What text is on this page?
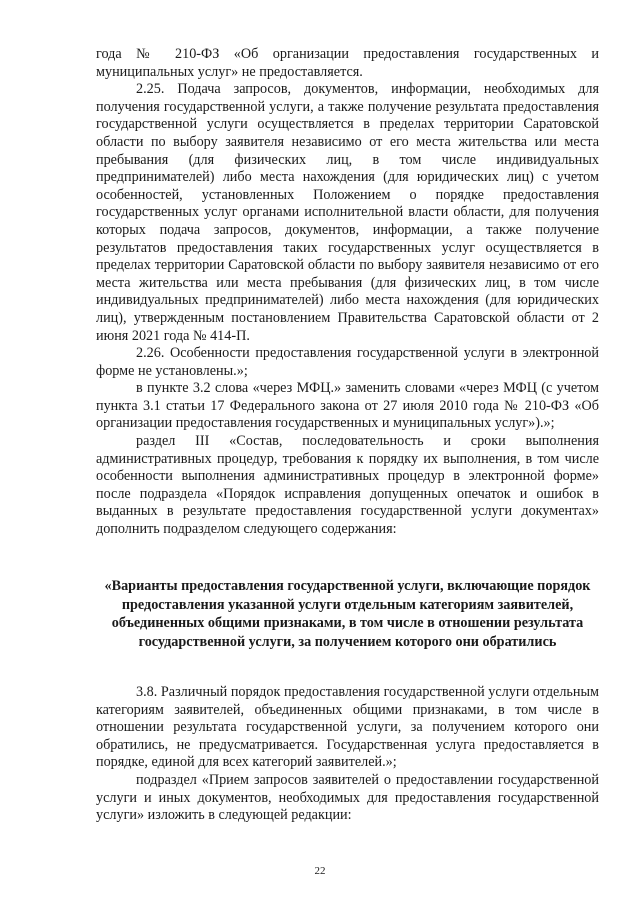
года № 210-ФЗ «Об организации предоставления государственных и муниципальных услуг» не предоставляется.

2.25. Подача запросов, документов, информации, необходимых для получения государственной услуги, а также получение результата предоставления государственной услуги осуществляется в пределах территории Саратовской области по выбору заявителя независимо от его места жительства или места пребывания (для физических лиц, в том числе индивидуальных предпринимателей) либо места нахождения (для юридических лиц) с учетом особенностей, установленных Положением о порядке предоставления государственных услуг органами исполнительной власти области, для получения которых подача запросов, документов, информации, а также получение результатов предоставления таких государственных услуг осуществляется в пределах территории Саратовской области по выбору заявителя независимо от его места жительства или места пребывания (для физических лиц, в том числе индивидуальных предпринимателей) либо места нахождения (для юридических лиц), утвержденным постановлением Правительства Саратовской области от 2 июня 2021 года № 414-П.

2.26. Особенности предоставления государственной услуги в электронной форме не установлены.»;

в пункте 3.2 слова «через МФЦ.» заменить словами «через МФЦ (с учетом пункта 3.1 статьи 17 Федерального закона от 27 июля 2010 года № 210-ФЗ «Об организации предоставления государственных и муниципальных услуг»).»;

раздел III «Состав, последовательность и сроки выполнения административных процедур, требования к порядку их выполнения, в том числе особенности выполнения административных процедур в электронной форме» после подраздела «Порядок исправления допущенных опечаток и ошибок в выданных в результате предоставления государственной услуги документах» дополнить подразделом следующего содержания:

«Варианты предоставления государственной услуги, включающие порядок предоставления указанной услуги отдельным категориям заявителей, объединенных общими признаками, в том числе в отношении результата государственной услуги, за получением которого они обратились

3.8. Различный порядок предоставления государственной услуги отдельным категориям заявителей, объединенных общими признаками, в том числе в отношении результата государственной услуги, за получением которого они обратились, не предусматривается. Государственная услуга предоставляется в порядке, единой для всех категорий заявителей.»;

подраздел «Прием запросов заявителей о предоставлении государственной услуги и иных документов, необходимых для предоставления государственной услуги» изложить в следующей редакции:

22
